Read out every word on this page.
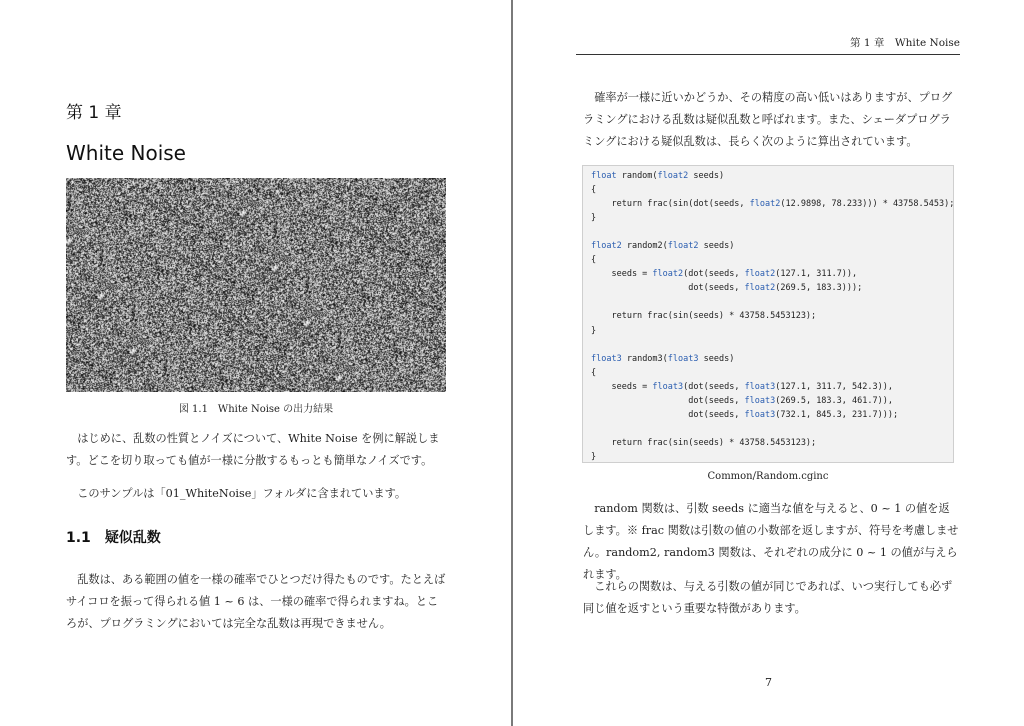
第 1 章
White Noise
図 1.1　White Noise の出力結果

はじめに、乱数の性質とノイズについて、White Noise を例に解説します。どこを切り取っても値が一様に分散するもっとも簡単なノイズです。

このサンプルは「01_WhiteNoise」フォルダに含まれています。

1.1 疑似乱数

乱数は、ある範囲の値を一様の確率でひとつだけ得たものです。たとえばサイコロを振って得られる値 1 ~ 6 は、一様の確率で得られますね。ところが、プログラミングにおいては完全な乱数は再現できません。

第 1 章　White Noise

確率が一様に近いかどうか、その精度の高い低いはありますが、プログラミングにおける乱数は疑似乱数と呼ばれます。また、シェーダプログラミングにおける疑似乱数は、長らく次のように算出されています。

float random(float2 seeds)
{
return frac(sin(dot(seeds, float2(12.9898, 78.233))) * 43758.5453);
}

float2 random2(float2 seeds)
{
seeds = float2(dot(seeds, float2(127.1, 311.7)),
dot(seeds, float2(269.5, 183.3)));

return frac(sin(seeds) * 43758.5453123);
}

float3 random3(float3 seeds)
{
seeds = float3(dot(seeds, float3(127.1, 311.7, 542.3)),
dot(seeds, float3(269.5, 183.3, 461.7)),
dot(seeds, float3(732.1, 845.3, 231.7)));

return frac(sin(seeds) * 43758.5453123);
}
Common/Random.cginc

random 関数は、引数 seeds に適当な値を与えると、0 ~ 1 の値を返します。※ frac 関数は引数の値の小数部を返しますが、符号を考慮しません。random2, random3 関数は、それぞれの成分に 0 ~ 1 の値が与えられます。

これらの関数は、与える引数の値が同じであれば、いつ実行しても必ず同じ値を返すという重要な特徴があります。

7
